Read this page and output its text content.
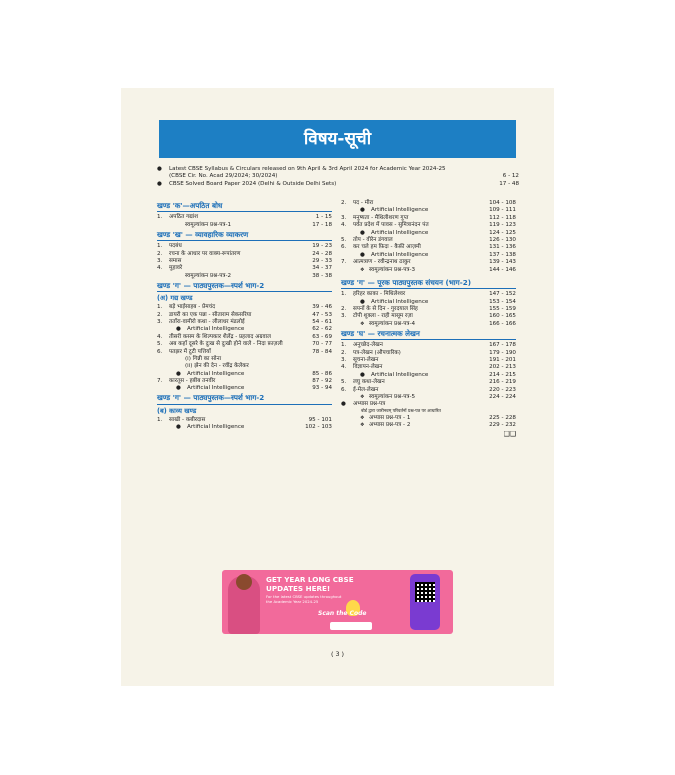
विषय-सूची
● Latest CBSE Syllabus & Circulars released on 9th April & 3rd April 2024 for Academic Year 2024-25
(CBSE Cir. No. Acad 29/2024; 30/2024)	6 - 12
● CBSE Solved Board Paper 2024 (Delhi & Outside Delhi Sets)	17 - 48
खण्ड 'क'—अपठित बोध
1. अपठित गद्यांश	1 - 15
स्वमूल्यांकन प्रश्न-पत्र-1	17 - 18
खण्ड 'ख' — व्यावहारिक व्याकरण
1. पदबंध	19 - 23
2. रचना के आधार पर वाक्य-रूपांतरण	24 - 28
3. समास	29 - 33
4. मुहावरे	34 - 37
स्वमूल्यांकन प्रश्न-पत्र-2	38 - 38
खण्ड 'ग' — पाठ्यपुस्तक—स्पर्श भाग-2
(अ) गद्य खण्ड
1. बड़े भाईसाहब - प्रेमचंद	39 - 46
2. डायरी का एक पन्ना - सीताराम सेकसरिया	47 - 53
3. तताँरा-वामीरो कथा - लीलाधर मंडलोई	54 - 61
● Artificial Intelligence	62 - 62
4. तीसरी कसम के शिल्पकार शैलेंद्र - प्रहलाद अग्रवाल	63 - 69
5. अब कहाँ दूसरे के दुःख से दुःखी होने वाले - निदा फ़ाज़ली	70 - 77
6. पतझर में टूटी पत्तियाँ	78 - 84
(i) गिन्नी का सोना
(ii) झेन की देन - रवींद्र केलेकर
● Artificial Intelligence	85 - 86
7. कारतूस - हबीब तनवीर	87 - 92
● Artificial Intelligence	93 - 94
खण्ड 'ग' — पाठ्यपुस्तक—स्पर्श भाग-2
(ब) काव्य खण्ड
1. साखी - कबीरदास	95 - 101
● Artificial Intelligence	102 - 103
2. पद - मीरा	104 - 108
● Artificial Intelligence	109 - 111
3. मनुष्यता - मैथिलीशरण गुप्त	112 - 118
4. पर्वत प्रदेश में पावस - सुमित्रानंदन पंत	119 - 123
● Artificial Intelligence	124 - 125
5. तोप - वीरेन डंगवाल	126 - 130
6. कर चले हम फ़िदा - कैफ़ी आज़मी	131 - 136
● Artificial Intelligence	137 - 138
7. आत्मत्राण - रवीन्द्रनाथ ठाकुर	139 - 143
❖ स्वमूल्यांकन प्रश्न-पत्र-3	144 - 146
खण्ड 'ग' — पूरक पाठ्यपुस्तक संचयन (भाग-2)
1. हरिहर काका - मिथिलेश्वर	147 - 152
● Artificial Intelligence	153 - 154
2. सपनों के से दिन - गुरदयाल सिंह	155 - 159
3. टोपी शुक्ला - राही मासूम रज़ा	160 - 165
❖ स्वमूल्यांकन प्रश्न-पत्र-4	166 - 166
खण्ड 'घ' — रचनात्मक लेखन
1. अनुच्छेद-लेखन	167 - 178
2. पत्र-लेखन (औपचारिक)	179 - 190
3. सूचना-लेखन	191 - 201
4. विज्ञापन-लेखन	202 - 213
● Artificial Intelligence	214 - 215
5. लघु कथा-लेखन	216 - 219
6. ई-मेल-लेखन	220 - 223
❖ स्वमूल्यांकन प्रश्न-पत्र-5	224 - 224
● अभ्यास प्रश्न-पत्र
बोर्ड द्वारा जारीनवम् परिवर्तनों प्रश्न-पत्र पर आधारित
❖ अभ्यास प्रश्न-पत्र - 1	225 - 228
❖ अभ्यास प्रश्न-पत्र - 2	229 - 232
❑❑
GET YEAR LONG CBSE UPDATES HERE!
For the latest CBSE updates throughout the Academic Year 2024-25
Scan the Code
( 3 )
